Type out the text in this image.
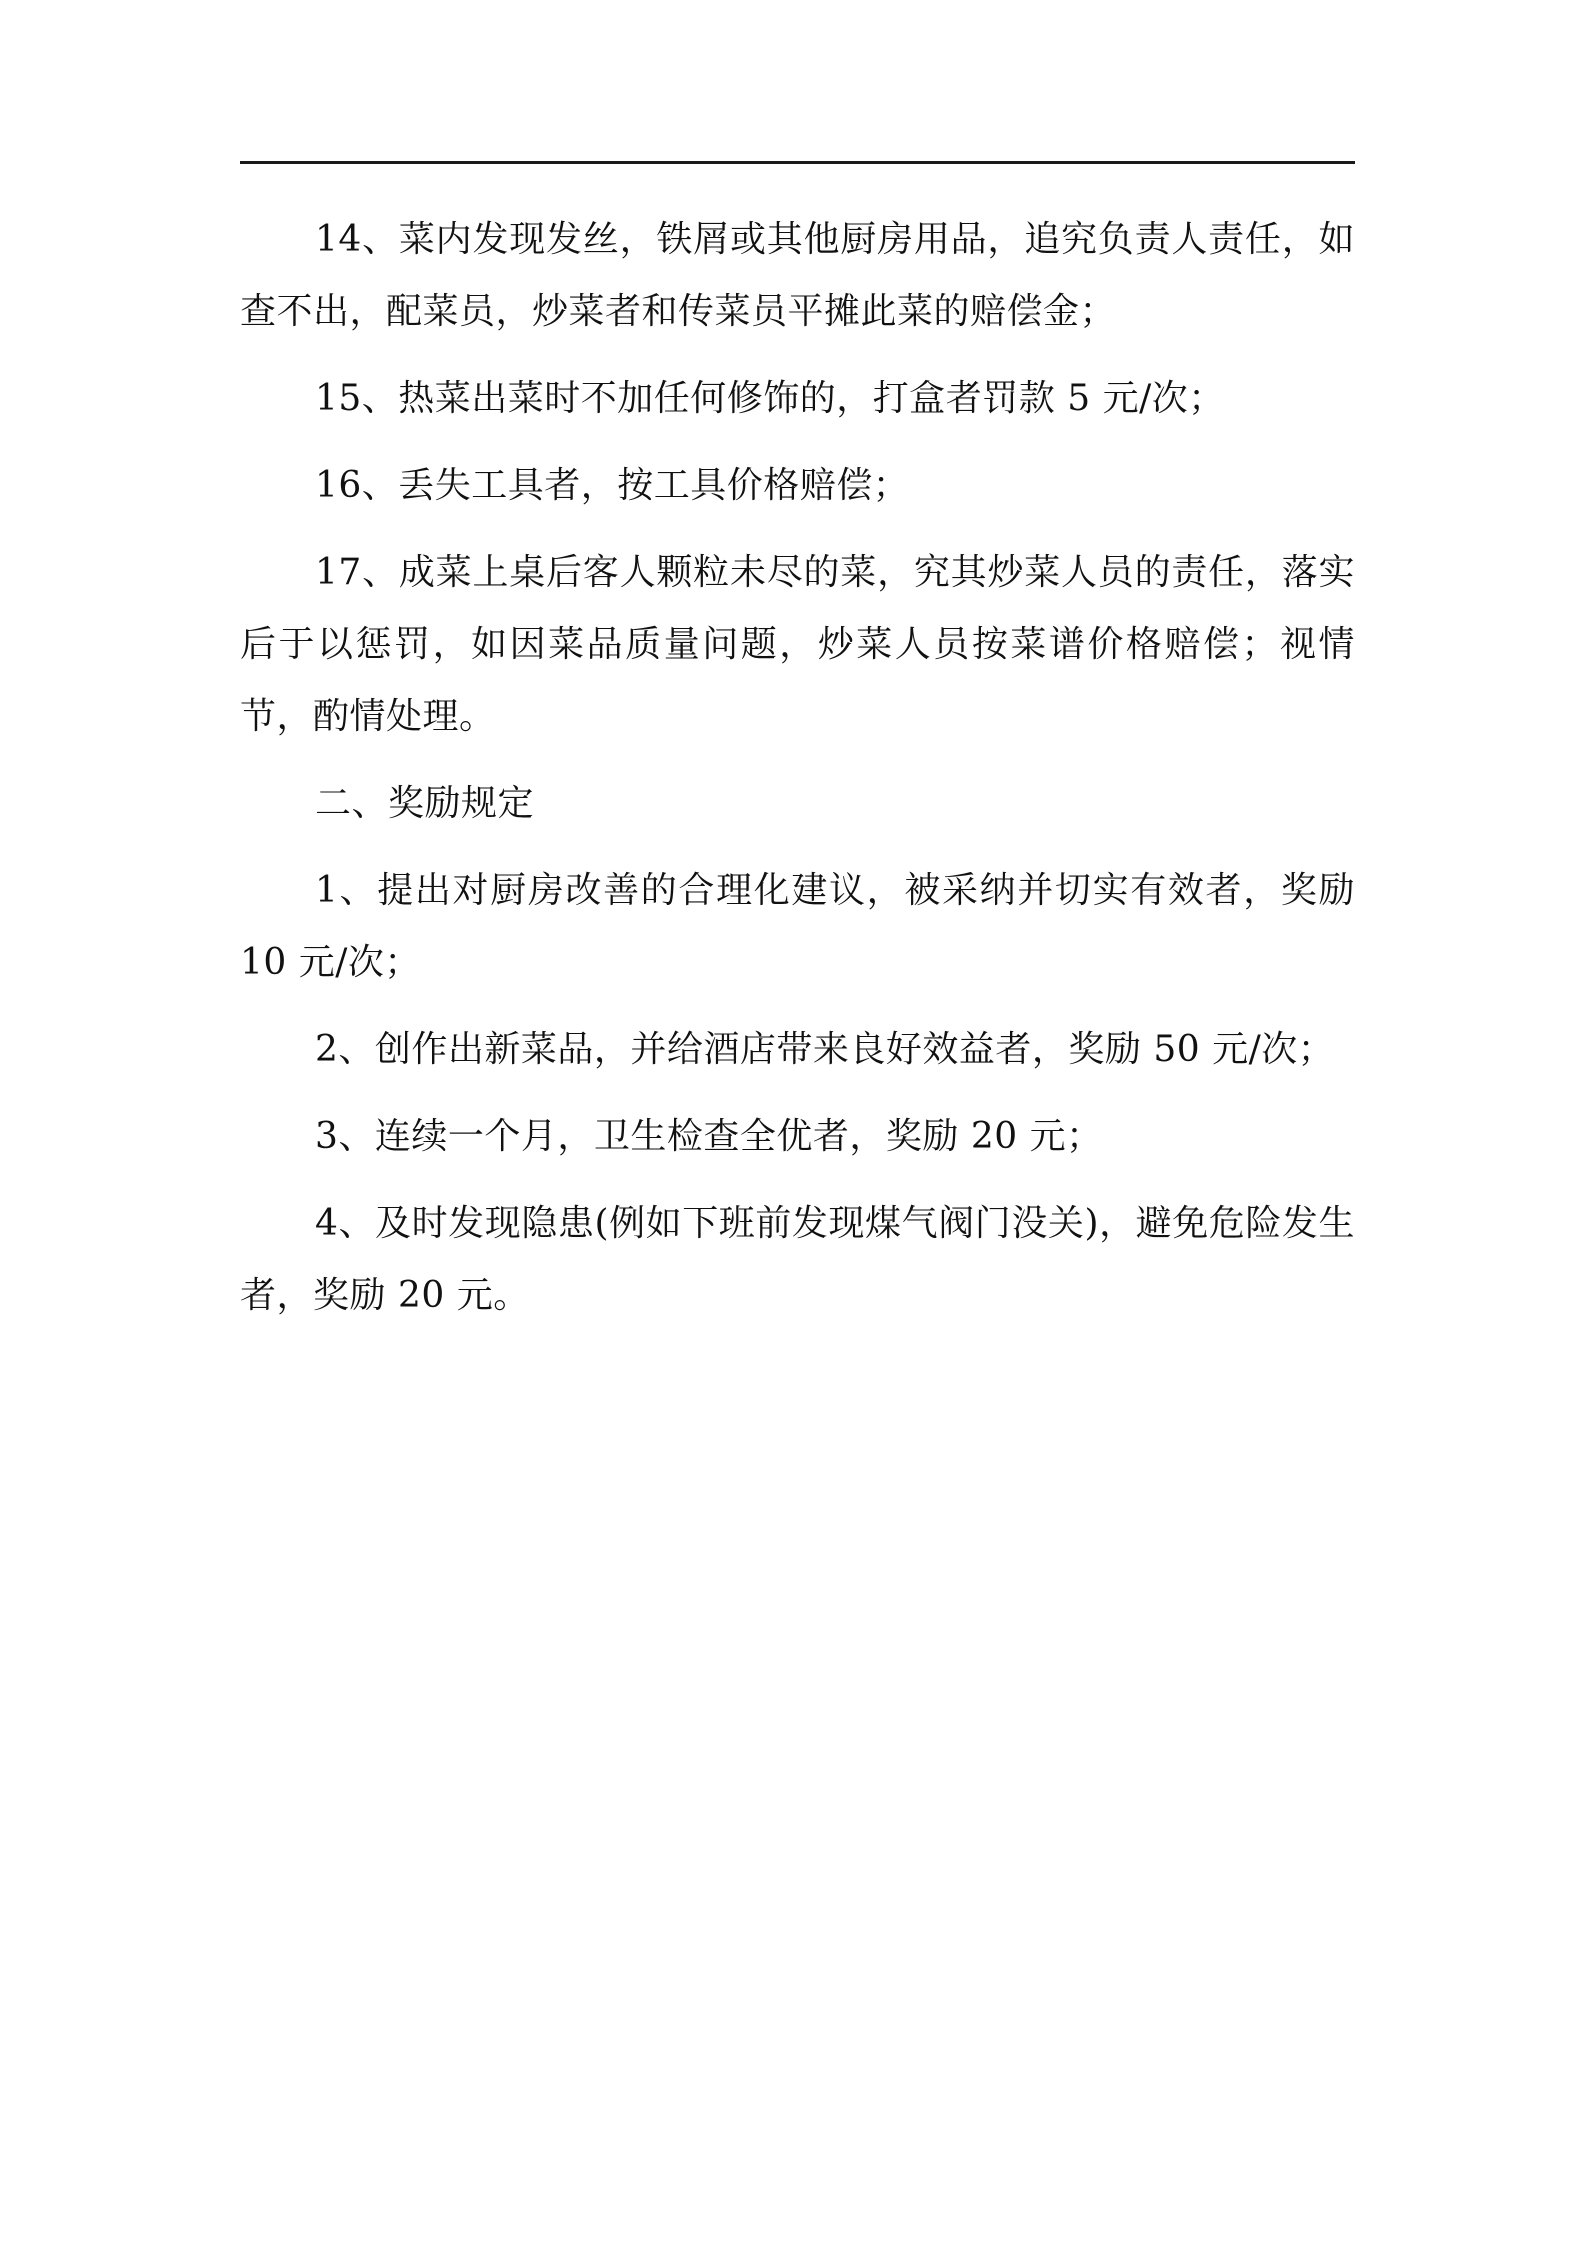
14、菜内发现发丝，铁屑或其他厨房用品，追究负责人责任，如查不出，配菜员，炒菜者和传菜员平摊此菜的赔偿金；

15、热菜出菜时不加任何修饰的，打盒者罚款 5 元/次；

16、丢失工具者，按工具价格赔偿；

17、成菜上桌后客人颗粒未尽的菜，究其炒菜人员的责任，落实后于以惩罚，如因菜品质量问题，炒菜人员按菜谱价格赔偿；视情节，酌情处理。

二、奖励规定

1、提出对厨房改善的合理化建议，被采纳并切实有效者，奖励 10 元/次；

2、创作出新菜品，并给酒店带来良好效益者，奖励 50 元/次；

3、连续一个月，卫生检查全优者，奖励 20 元；

4、及时发现隐患(例如下班前发现煤气阀门没关)，避免危险发生者，奖励 20 元。
